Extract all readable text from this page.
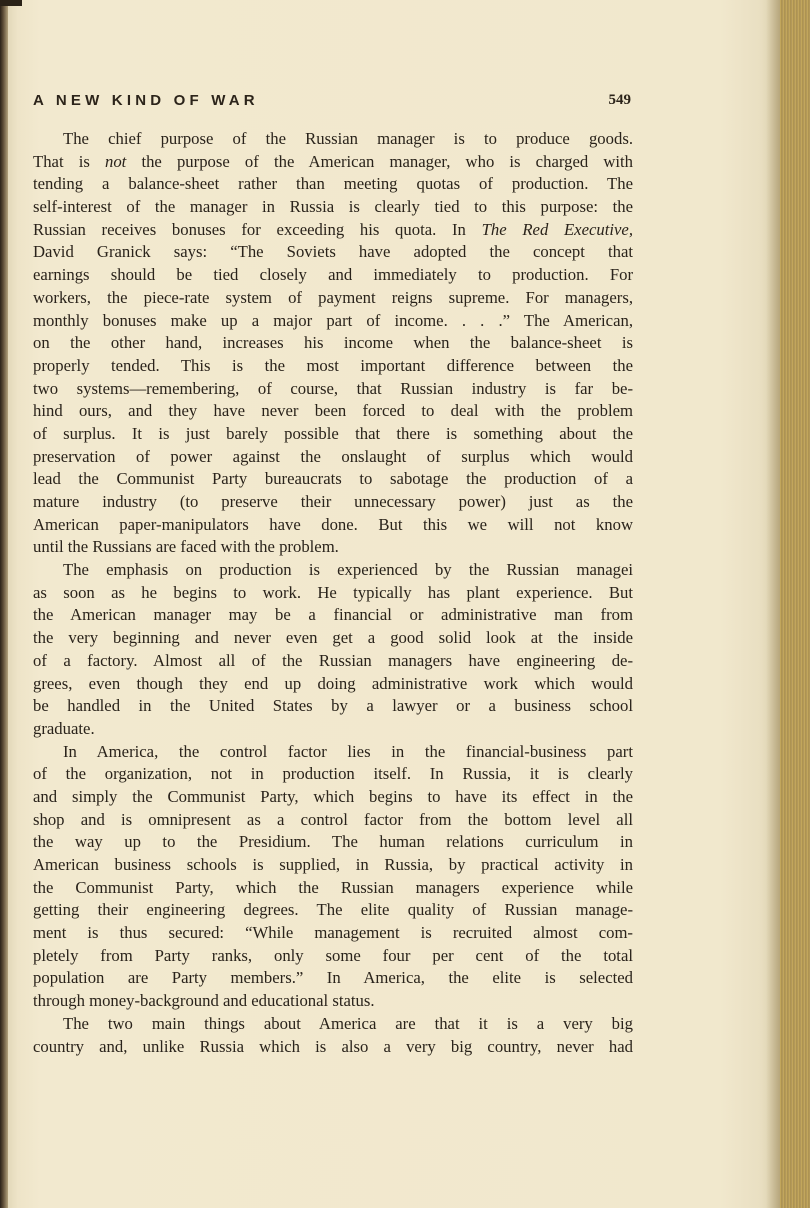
A NEW KIND OF WAR	549
The chief purpose of the Russian manager is to produce goods.
That is not the purpose of the American manager, who is charged with
tending a balance-sheet rather than meeting quotas of production. The
self-interest of the manager in Russia is clearly tied to this purpose: the
Russian receives bonuses for exceeding his quota. In The Red Executive,
David Granick says: “The Soviets have adopted the concept that
earnings should be tied closely and immediately to production. For
workers, the piece-rate system of payment reigns supreme. For managers,
monthly bonuses make up a major part of income. . . .” The American,
on the other hand, increases his income when the balance-sheet is
properly tended. This is the most important difference between the
two systems—remembering, of course, that Russian industry is far be-
hind ours, and they have never been forced to deal with the problem
of surplus. It is just barely possible that there is something about the
preservation of power against the onslaught of surplus which would
lead the Communist Party bureaucrats to sabotage the production of a
mature industry (to preserve their unnecessary power) just as the
American paper-manipulators have done. But this we will not know
until the Russians are faced with the problem.
The emphasis on production is experienced by the Russian managei
as soon as he begins to work. He typically has plant experience. But
the American manager may be a financial or administrative man from
the very beginning and never even get a good solid look at the inside
of a factory. Almost all of the Russian managers have engineering de-
grees, even though they end up doing administrative work which would
be handled in the United States by a lawyer or a business school
graduate.
In America, the control factor lies in the financial-business part
of the organization, not in production itself. In Russia, it is clearly
and simply the Communist Party, which begins to have its effect in the
shop and is omnipresent as a control factor from the bottom level all
the way up to the Presidium. The human relations curriculum in
American business schools is supplied, in Russia, by practical activity in
the Communist Party, which the Russian managers experience while
getting their engineering degrees. The elite quality of Russian manage-
ment is thus secured: “While management is recruited almost com-
pletely from Party ranks, only some four per cent of the total
population are Party members.” In America, the elite is selected
through money-background and educational status.
The two main things about America are that it is a very big
country and, unlike Russia which is also a very big country, never had
